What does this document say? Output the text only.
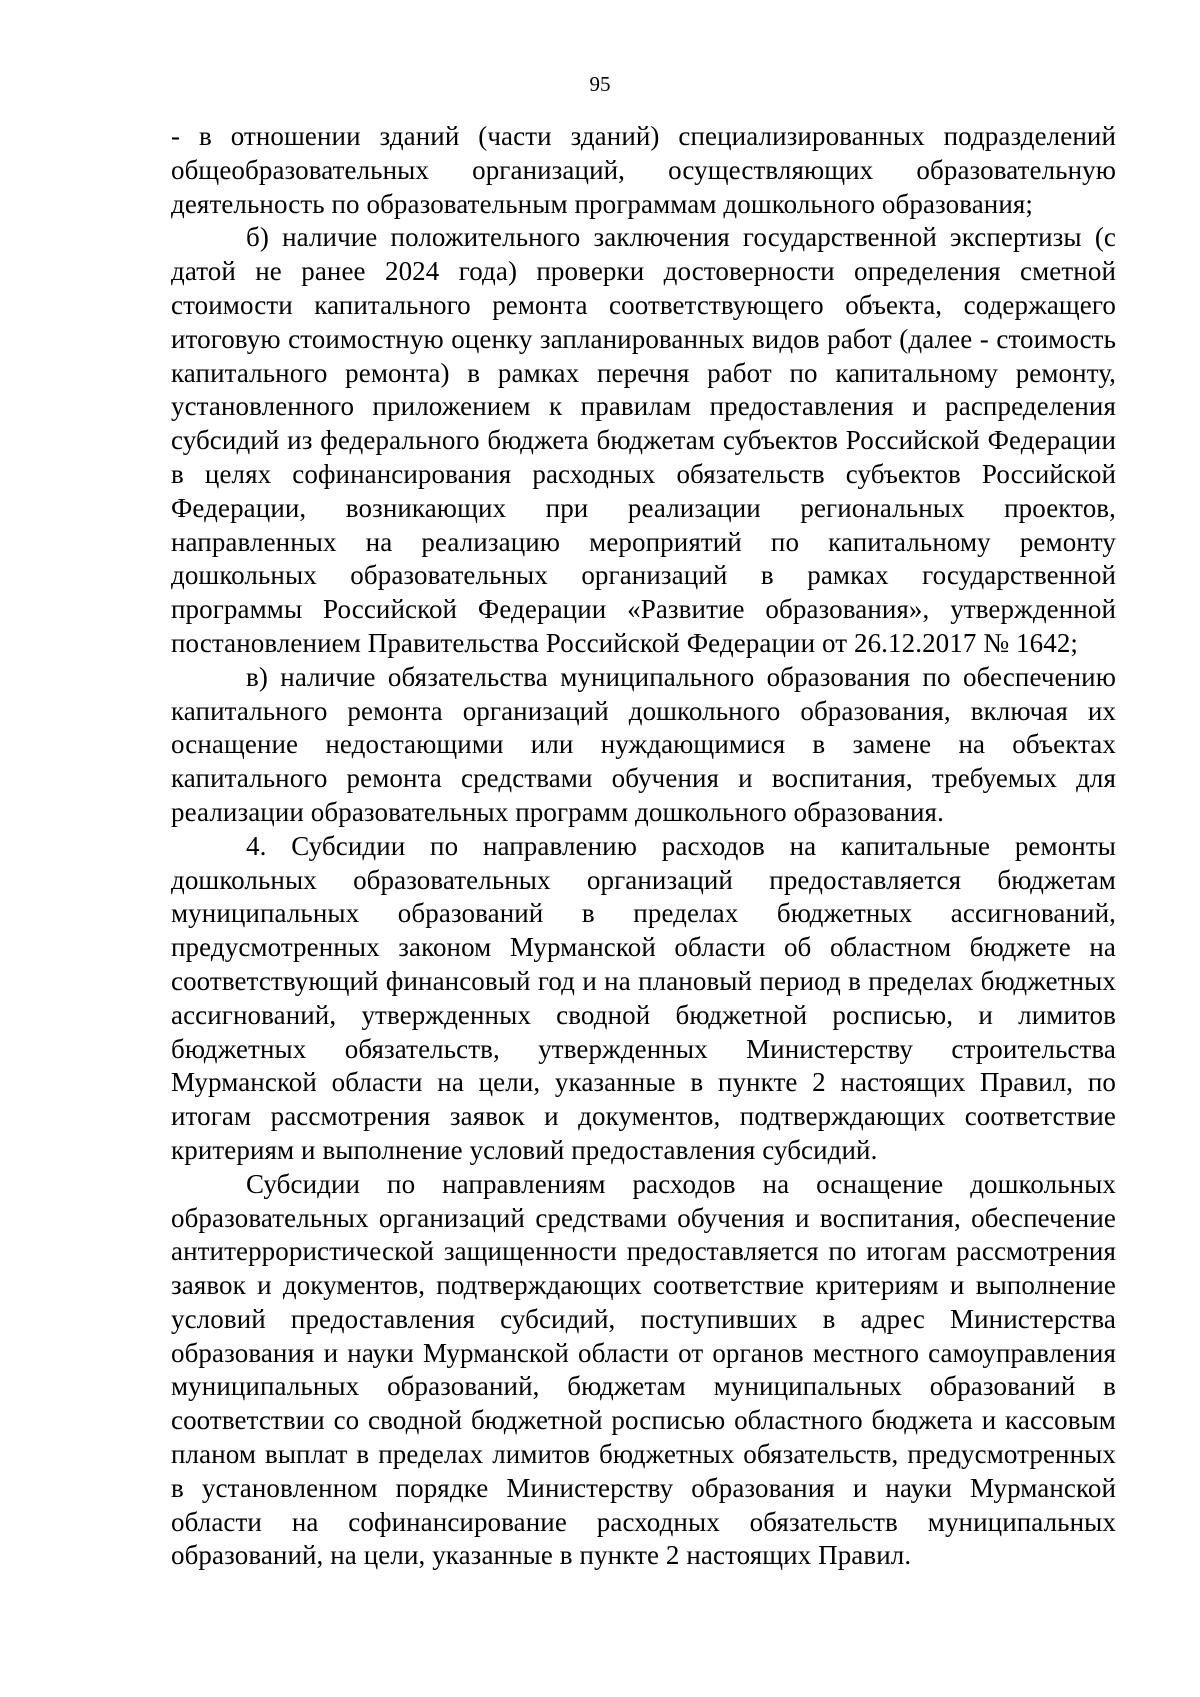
95

- в отношении зданий (части зданий) специализированных подразделений общеобразовательных организаций, осуществляющих образовательную деятельность по образовательным программам дошкольного образования;

б) наличие положительного заключения государственной экспертизы (с датой не ранее 2024 года) проверки достоверности определения сметной стоимости капитального ремонта соответствующего объекта, содержащего итоговую стоимостную оценку запланированных видов работ (далее - стоимость капитального ремонта) в рамках перечня работ по капитальному ремонту, установленного приложением к правилам предоставления и распределения субсидий из федерального бюджета бюджетам субъектов Российской Федерации в целях софинансирования расходных обязательств субъектов Российской Федерации, возникающих при реализации региональных проектов, направленных на реализацию мероприятий по капитальному ремонту дошкольных образовательных организаций в рамках государственной программы Российской Федерации «Развитие образования», утвержденной постановлением Правительства Российской Федерации от 26.12.2017 № 1642;

в) наличие обязательства муниципального образования по обеспечению капитального ремонта организаций дошкольного образования, включая их оснащение недостающими или нуждающимися в замене на объектах капитального ремонта средствами обучения и воспитания, требуемых для реализации образовательных программ дошкольного образования.

4. Субсидии по направлению расходов на капитальные ремонты дошкольных образовательных организаций предоставляется бюджетам муниципальных образований в пределах бюджетных ассигнований, предусмотренных законом Мурманской области об областном бюджете на соответствующий финансовый год и на плановый период в пределах бюджетных ассигнований, утвержденных сводной бюджетной росписью, и лимитов бюджетных обязательств, утвержденных Министерству строительства Мурманской области на цели, указанные в пункте 2 настоящих Правил, по итогам рассмотрения заявок и документов, подтверждающих соответствие критериям и выполнение условий предоставления субсидий.

Субсидии по направлениям расходов на оснащение дошкольных образовательных организаций средствами обучения и воспитания, обеспечение антитеррористической защищенности предоставляется по итогам рассмотрения заявок и документов, подтверждающих соответствие критериям и выполнение условий предоставления субсидий, поступивших в адрес Министерства образования и науки Мурманской области от органов местного самоуправления муниципальных образований, бюджетам муниципальных образований в соответствии со сводной бюджетной росписью областного бюджета и кассовым планом выплат в пределах лимитов бюджетных обязательств, предусмотренных в установленном порядке Министерству образования и науки Мурманской области на софинансирование расходных обязательств муниципальных образований, на цели, указанные в пункте 2 настоящих Правил.
